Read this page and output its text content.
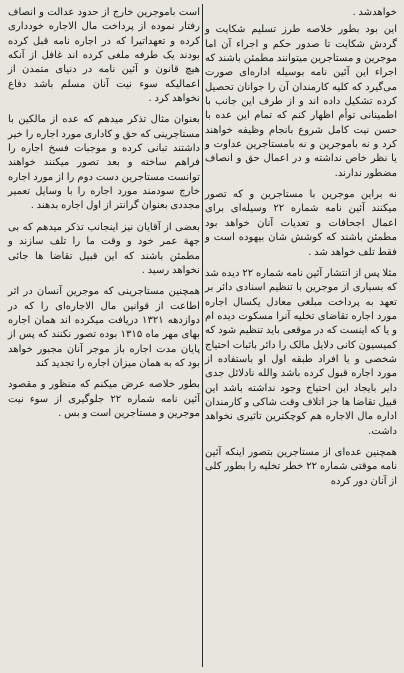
خواهدشد .

این بود بطور خلاصه طرز تسلیم شکایت و گردش شکایت تا صدور حکم و اجراء آن اما موجرین و مستاجرین میتوانند مطمئن باشند که اجراء این آئین نامه بوسیله اداره‌ای صورت می‌گیرد که کلیه کارمندان آن را جوانان تحصیل کرده تشکیل داده اند و از طرف این جانب با اطمینانی توأم اظهار کنم که تمام این عده با حسن نیت کامل شروع بانجام وظیفه خواهند کرد و نه باموجرین و نه بامستاجرین عداوت و یا نظر خاص نداشته و در اعمال حق و انصاف مضطور ندارند.

نه براین موجرین با مستاجرین و که تصور میکنند آئین نامه شماره ۲۲ وسیله‌ای برای اعمال اجحافات و تعدیات آنان خواهد بود مطمئن باشند که کوشش شان بیهوده است و فقط تلف خواهد شد .

مثلا پس از انتشار آئین نامه شماره ۲۲ دیده شد که بسیاری از موجرین با تنظیم اسنادی دائر بر تعهد به پرداخت مبلغی معادل یکسال اجاره مورد اجاره تقاضای تخلیه آنرا مسکوت دیده ام و یا که اینست که در موقعی باید تنظیم شود که کمیسیون کانی دلایل مالک را دائر باثبات احتیاج شخصی و یا افراد طبقه اول او باستفاده از مورد اجاره قبول کرده باشد والله نادلائل جدی دایر بایجاد این احتیاج وجود نداشته باشد این قبیل تقاضا ها جز اتلاف وقت شاکی و کارمندان اداره مال الاجاره هم کوچکترین تاثیری نخواهد داشت.

همچنین عده‌ای از مستاجرین بتصور اینکه آئین نامه موقتی شماره ۲۲ خطر تخلیه را بطور کلی از آنان دور کرده

است باموجرین خارج از حدود عدالت و انصاف رفتار نموده از پرداخت مال الاجاره خودداری کرده و تعهداتیرا که در اجاره نامه قبل کرده بودند یک طرفه ملغی کرده اند غافل از آنکه هیچ قانون و آئین نامه در دنیای متمدن از اعمالیکه سوء نیت آنان مسلم باشد دفاع نخواهد کرد .

بعنوان مثال تذکر میدهم که عده از مالکین با مستاجرینی که حق و کاداری مورد اجاره را خیر داشتند تبانی کرده و موجبات فسخ اجاره را فراهم ساخته و بعد تصور میکنند خواهند توانست مستاجرین دست دوم را از مورد اجاره خارج سودمند مورد اجاره را با وسایل تعمیر مجددی بعنوان گرانتر از اول اجاره بدهند .

بعضی از آقایان نیز اینجانب تذکر میدهم که بی جهة عمر خود و وقت ما را تلف سازند و مطمئن باشند که این قبیل تقاضا ها جائی نخواهد رسید .

همچنین مستاجرینی که موجرین آنسان در اثر اطاعت از قوانین مال الاجاره‌ای را که در دوازدهه ۱۳۲۱ دریافت میکرده اند همان اجاره بهای مهر ماه ۱۳۱۵ بوده تصور نکنند که پس از پایان مدت اجاره باز موجر آنان مجبور خواهد بود که به همان میزان اجاره را تجدید کند

بطور خلاصه عرض میکنم که منظور و مقصود آئین نامه شماره ۲۲ جلوگیری از سوء نیت موجرین و مستاجرین است و بس .
